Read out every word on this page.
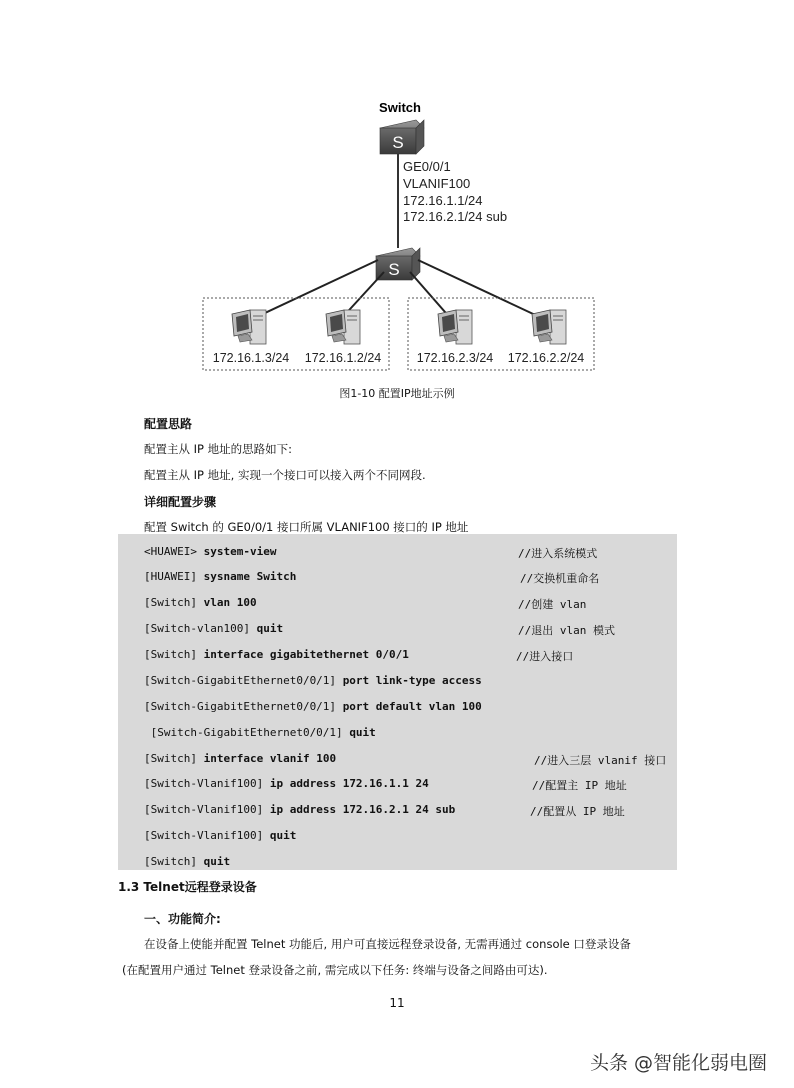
S
Switch
GE0/0/1
VLANIF100
172.16.1.1/24
172.16.2.1/24 sub
S
172.16.1.3/24 172.16.1.2/24	172.16.2.3/24 172.16.2.2/24
图1-10 配置IP地址示例
配置思路
配置主从 IP 地址的思路如下:
配置主从 IP 地址, 实现一个接口可以接入两个不同网段.
详细配置步骤
配置 Switch 的 GE0/0/1 接口所属 VLANIF100 接口的 IP 地址
<HUAWEI> system-view	//进入系统模式
[HUAWEI] sysname Switch	//交换机重命名
[Switch] vlan 100	//创建 vlan
[Switch-vlan100] quit	//退出 vlan 模式
[Switch] interface gigabitethernet 0/0/1	//进入接口
[Switch-GigabitEthernet0/0/1] port link-type access
[Switch-GigabitEthernet0/0/1] port default vlan 100
[Switch-GigabitEthernet0/0/1] quit
[Switch] interface vlanif 100	//进入三层 vlanif 接口
[Switch-Vlanif100] ip address 172.16.1.1 24	//配置主 IP 地址
[Switch-Vlanif100] ip address 172.16.2.1 24 sub	//配置从 IP 地址
[Switch-Vlanif100] quit
[Switch] quit
1.3 Telnet远程登录设备
一、功能简介:
在设备上使能并配置 Telnet 功能后, 用户可直接远程登录设备, 无需再通过 console 口登录设备
(在配置用户通过 Telnet 登录设备之前, 需完成以下任务: 终端与设备之间路由可达).
11
头条 @智能化弱电圈
